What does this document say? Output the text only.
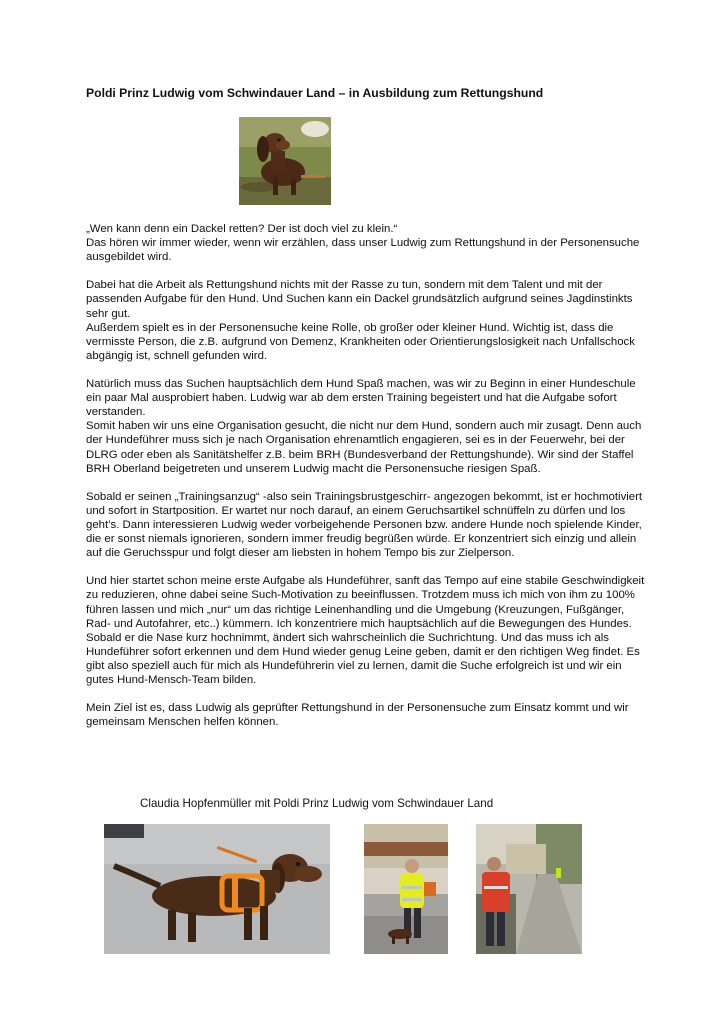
Poldi Prinz Ludwig vom Schwindauer Land – in Ausbildung zum Rettungshund

„Wen kann denn ein Dackel retten? Der ist doch viel zu klein.“
Das hören wir immer wieder, wenn wir erzählen, dass unser Ludwig zum Rettungshund in der Personensuche ausgebildet wird.

Dabei hat die Arbeit als Rettungshund nichts mit der Rasse zu tun, sondern mit dem Talent und mit der passenden Aufgabe für den Hund. Und Suchen kann ein Dackel grundsätzlich aufgrund seines Jagdinstinkts sehr gut.
Außerdem spielt es in der Personensuche keine Rolle, ob großer oder kleiner Hund. Wichtig ist, dass die vermisste Person, die z.B. aufgrund von Demenz, Krankheiten oder Orientierungslosigkeit nach Unfallschock abgängig ist, schnell gefunden wird.

Natürlich muss das Suchen hauptsächlich dem Hund Spaß machen, was wir zu Beginn in einer Hundeschule ein paar Mal ausprobiert haben. Ludwig war ab dem ersten Training begeistert und hat die Aufgabe sofort verstanden.
Somit haben wir uns eine Organisation gesucht, die nicht nur dem Hund, sondern auch mir zusagt. Denn auch der Hundeführer muss sich je nach Organisation ehrenamtlich engagieren, sei es in der Feuerwehr, bei der DLRG oder eben als Sanitätshelfer z.B. beim BRH (Bundesverband der Rettungshunde). Wir sind der Staffel BRH Oberland beigetreten und unserem Ludwig macht die Personensuche riesigen Spaß.

Sobald er seinen „Trainingsanzug“ -also sein Trainingsbrustgeschirr- angezogen bekommt, ist er hochmotiviert und sofort in Startposition. Er wartet nur noch darauf, an einem Geruchsartikel schnüffeln zu dürfen und los geht’s. Dann interessieren Ludwig weder vorbeigehende Personen bzw. andere Hunde noch spielende Kinder, die er sonst niemals ignorieren, sondern immer freudig begrüßen würde. Er konzentriert sich einzig und allein auf die Geruchsspur und folgt dieser am liebsten in hohem Tempo bis zur Zielperson.

Und hier startet schon meine erste Aufgabe als Hundeführer, sanft das Tempo auf eine stabile Geschwindigkeit zu reduzieren, ohne dabei seine Such-Motivation zu beeinflussen. Trotzdem muss ich mich von ihm zu 100% führen lassen und mich „nur“ um das richtige Leinenhandling und die Umgebung (Kreuzungen, Fußgänger, Rad- und Autofahrer, etc..) kümmern. Ich konzentriere mich hauptsächlich auf die Bewegungen des Hundes. Sobald er die Nase kurz hochnimmt, ändert sich wahrscheinlich die Suchrichtung. Und das muss ich als Hundeführer sofort erkennen und dem Hund wieder genug Leine geben, damit er den richtigen Weg findet. Es gibt also speziell auch für mich als Hundeführerin viel zu lernen, damit die Suche erfolgreich ist und wir ein gutes Hund-Mensch-Team bilden.

Mein Ziel ist es, dass Ludwig als geprüfter Rettungshund in der Personensuche zum Einsatz kommt und wir gemeinsam Menschen helfen können.

Claudia Hopfenmüller mit Poldi Prinz Ludwig vom Schwindauer Land
